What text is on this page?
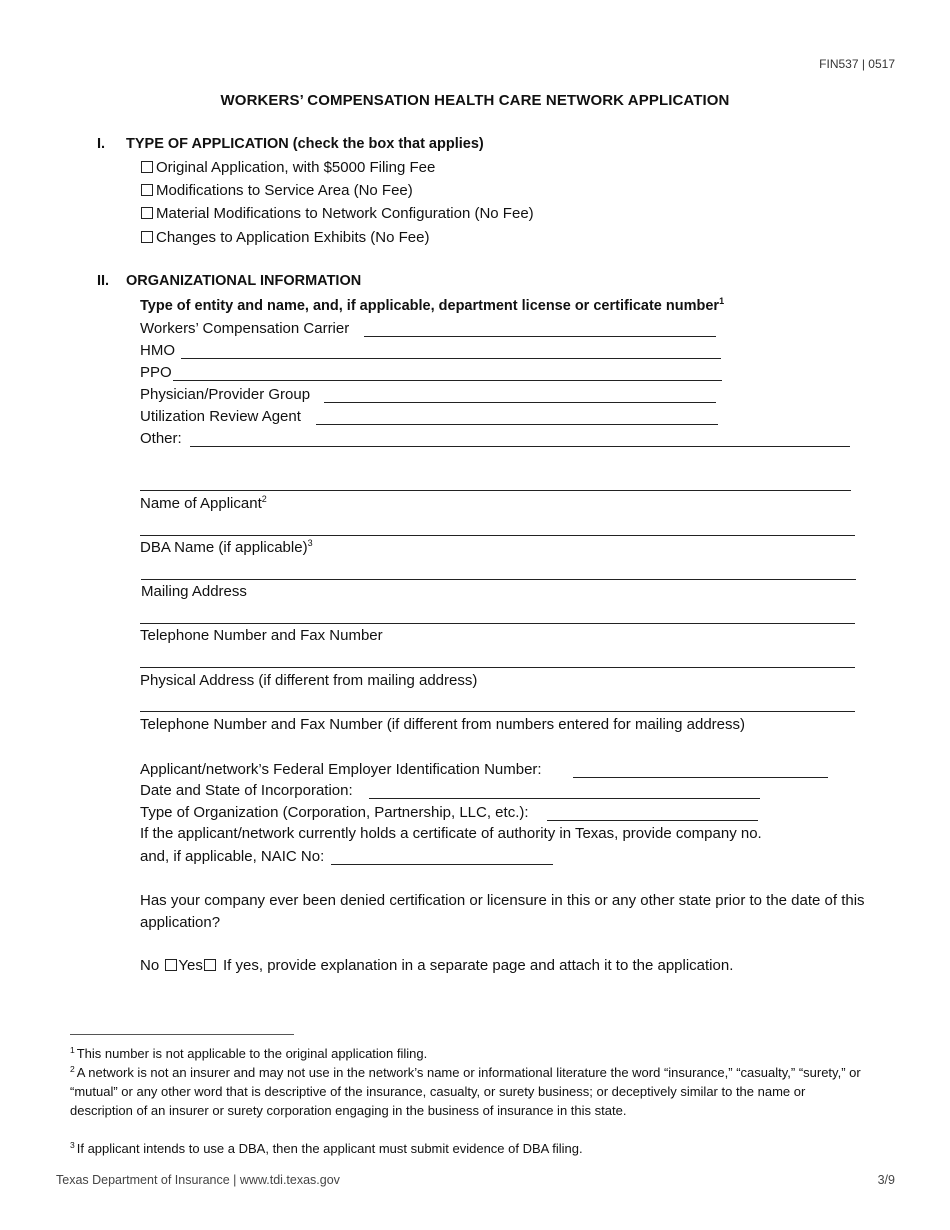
FIN537 | 0517
WORKERS’ COMPENSATION HEALTH CARE NETWORK APPLICATION
I. TYPE OF APPLICATION (check the box that applies)
Original Application, with $5000 Filing Fee
Modifications to Service Area (No Fee)
Material Modifications to Network Configuration (No Fee)
Changes to Application Exhibits (No Fee)
II. ORGANIZATIONAL INFORMATION
Type of entity and name, and, if applicable, department license or certificate number$^1$
Workers’ Compensation Carrier
HMO
PPO
Physician/Provider Group
Utilization Review Agent
Other:
Name of Applicant$^2$
DBA Name (if applicable)$^3$
Mailing Address
Telephone Number and Fax Number
Physical Address (if different from mailing address)
Telephone Number and Fax Number (if different from numbers entered for mailing address)
Applicant/network’s Federal Employer Identification Number:
Date and State of Incorporation:
Type of Organization (Corporation, Partnership, LLC, etc.):
If the applicant/network currently holds a certificate of authority in Texas, provide company no.
and, if applicable, NAIC No:
Has your company ever been denied certification or licensure in this or any other state prior to the date of this application?
No Yes If yes, provide explanation in a separate page and attach it to the application.
$^1$ This number is not applicable to the original application filing.
$^2$ A network is not an insurer and may not use in the network’s name or informational literature the word “insurance,” “casualty,” “surety,” or “mutual” or any other word that is descriptive of the insurance, casualty, or surety business; or deceptively similar to the name or description of an insurer or surety corporation engaging in the business of insurance in this state.
$^3$ If applicant intends to use a DBA, then the applicant must submit evidence of DBA filing.
Texas Department of Insurance | www.tdi.texas.gov	3/9
